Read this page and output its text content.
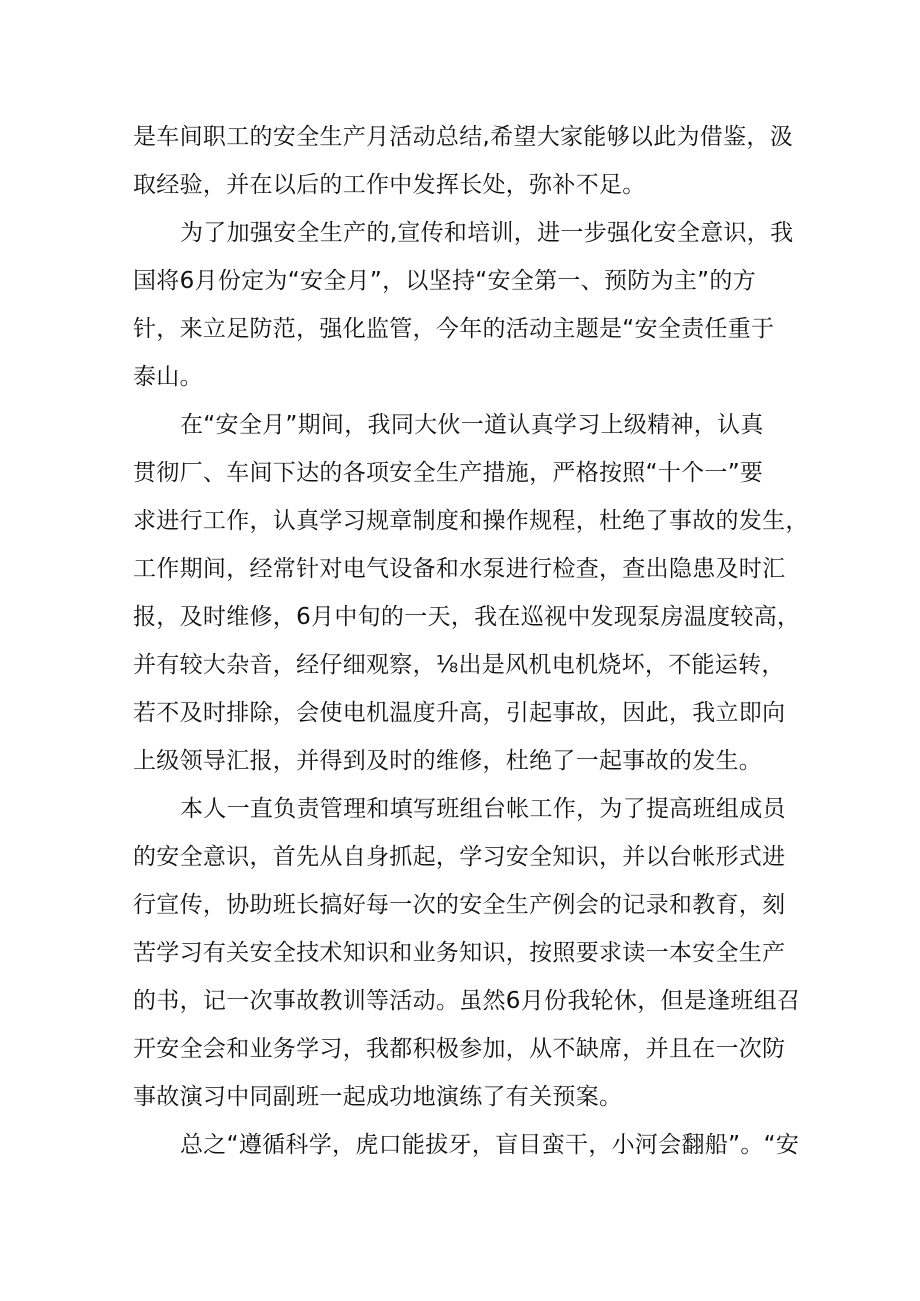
是车间职工的安全生产月活动总结,希望大家能够以此为借鉴，汲
取经验，并在以后的工作中发挥长处，弥补不足。
为了加强安全生产的,宣传和培训，进一步强化安全意识，我
国将6月份定为“安全月”，以坚持“安全第一、预防为主”的方
针，来立足防范，强化监管，今年的活动主题是“安全责任重于
泰山。
在“安全月”期间，我同大伙一道认真学习上级精神，认真
贯彻厂、车间下达的各项安全生产措施，严格按照“十个一”要
求进行工作，认真学习规章制度和操作规程，杜绝了事故的发生，
工作期间，经常针对电气设备和水泵进行检查，查出隐患及时汇
报，及时维修，6月中旬的一天，我在巡视中发现泵房温度较高，
并有较大杂音，经仔细观察，⅛出是风机电机烧坏，不能运转，
若不及时排除，会使电机温度升高，引起事故，因此，我立即向
上级领导汇报，并得到及时的维修，杜绝了一起事故的发生。
本人一直负责管理和填写班组台帐工作，为了提高班组成员
的安全意识，首先从自身抓起，学习安全知识，并以台帐形式进
行宣传，协助班长搞好每一次的安全生产例会的记录和教育，刻
苦学习有关安全技术知识和业务知识，按照要求读一本安全生产
的书，记一次事故教训等活动。虽然6月份我轮休，但是逢班组召
开安全会和业务学习，我都积极参加，从不缺席，并且在一次防
事故演习中同副班一起成功地演练了有关预案。
总之“遵循科学，虎口能拔牙，盲目蛮干，小河会翻船”。“安
